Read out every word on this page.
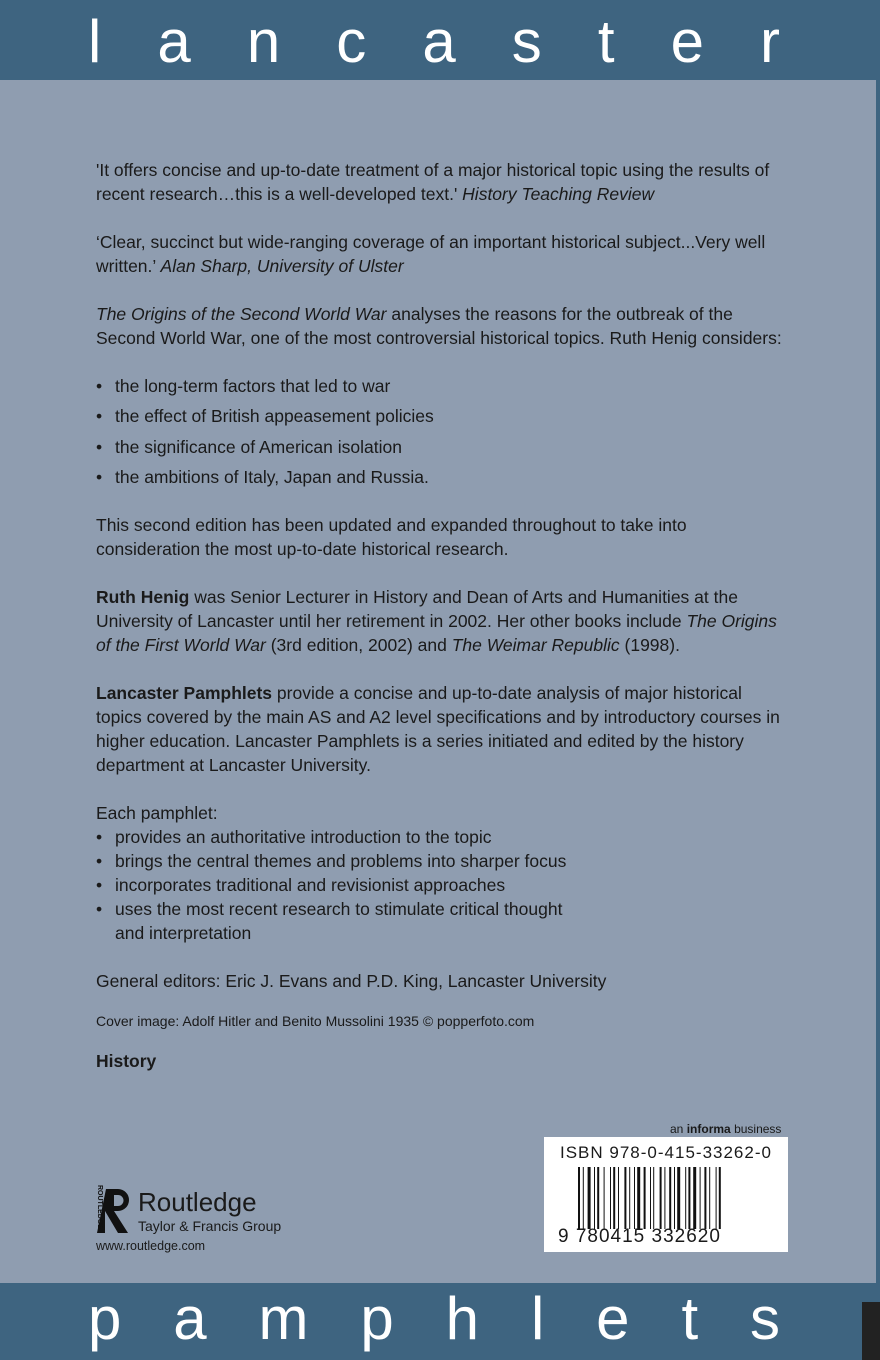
l a n c a s t e r

'It offers concise and up-to-date treatment of a major historical topic using the results of recent research…this is a well-developed text.' History Teaching Review

‘Clear, succinct but wide-ranging coverage of an important historical subject...Very well written.’ Alan Sharp, University of Ulster

The Origins of the Second World War analyses the reasons for the outbreak of the Second World War, one of the most controversial historical topics. Ruth Henig considers:

• the long-term factors that led to war
• the effect of British appeasement policies
• the significance of American isolation
• the ambitions of Italy, Japan and Russia.

This second edition has been updated and expanded throughout to take into consideration the most up-to-date historical research.

Ruth Henig was Senior Lecturer in History and Dean of Arts and Humanities at the University of Lancaster until her retirement in 2002. Her other books include The Origins of the First World War (3rd edition, 2002) and The Weimar Republic (1998).

Lancaster Pamphlets provide a concise and up-to-date analysis of major historical topics covered by the main AS and A2 level specifications and by introductory courses in higher education. Lancaster Pamphlets is a series initiated and edited by the history department at Lancaster University.

Each pamphlet:
• provides an authoritative introduction to the topic
• brings the central themes and problems into sharper focus
• incorporates traditional and revisionist approaches
• uses the most recent research to stimulate critical thought and interpretation

General editors: Eric J. Evans and P.D. King, Lancaster University

Cover image: Adolf Hitler and Benito Mussolini 1935 © popperfoto.com

History

an informa business
ISBN 978-0-415-33262-0
9 780415 332620
ROUTLEDGE Routledge
Taylor & Francis Group
www.routledge.com
p a m p h l e t s
